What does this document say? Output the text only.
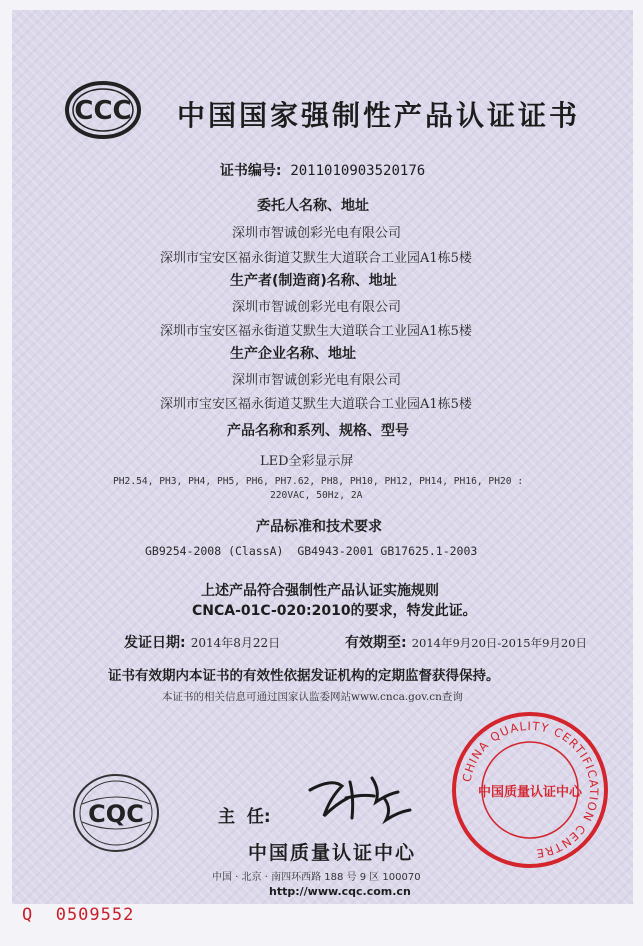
CCC 中国国家强制性产品认证证书
证书编号: 2011010903520176
委托人名称、地址
深圳市智诚创彩光电有限公司
深圳市宝安区福永街道艾默生大道联合工业园A1栋5楼
生产者(制造商)名称、地址
深圳市智诚创彩光电有限公司
深圳市宝安区福永街道艾默生大道联合工业园A1栋5楼
生产企业名称、地址
深圳市智诚创彩光电有限公司
深圳市宝安区福永街道艾默生大道联合工业园A1栋5楼
产品名称和系列、规格、型号
LED全彩显示屏
PH2.54, PH3, PH4, PH5, PH6, PH7.62, PH8, PH10, PH12, PH14, PH16, PH20 :
220VAC, 50Hz, 2A
产品标准和技术要求
GB9254-2008 (ClassA)  GB4943-2001 GB17625.1-2003
上述产品符合强制性产品认证实施规则
CNCA-01C-020:2010的要求，特发此证。
发证日期: 2014年8月22日	有效期至: 2014年9月20日-2015年9月20日
证书有效期内本证书的有效性依据发证机构的定期监督获得保持。
本证书的相关信息可通过国家认监委网站www.cnca.gov.cn查询
CQC	主  任:
CHINA QUALITY CERTIFICATION CENTRE
中国质量认证中心
中国质量认证中心
中国 · 北京 · 南四环西路 188 号 9 区 100070
http://www.cqc.com.cn
Q  0509552
